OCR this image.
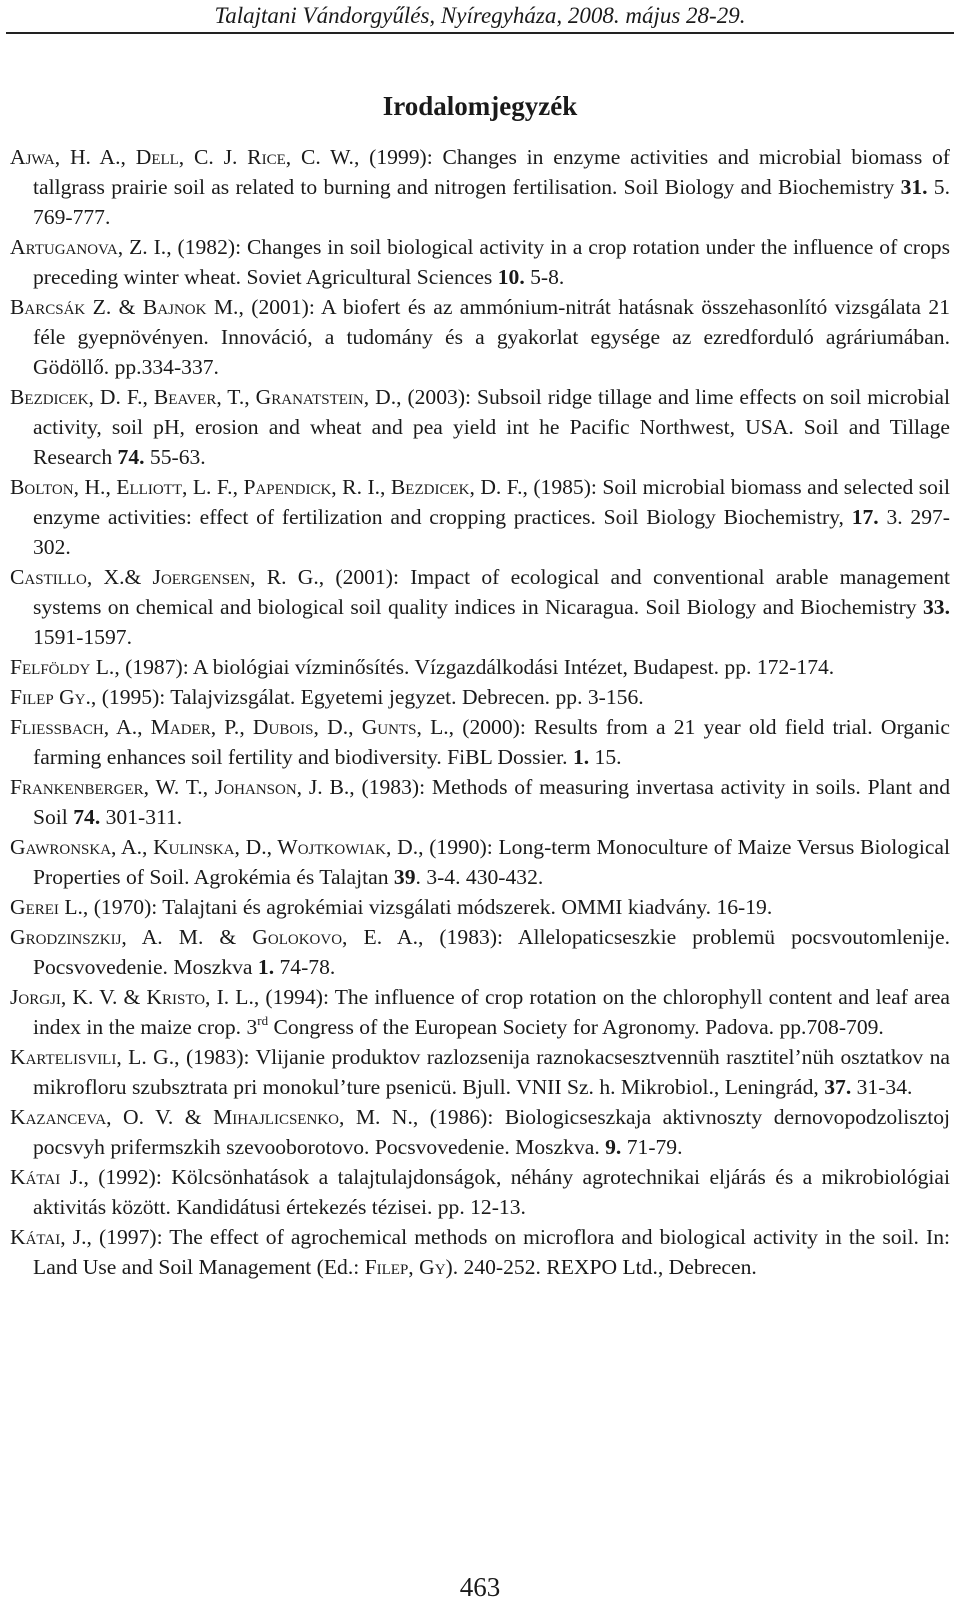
Talajtani Vándorgyűlés, Nyíregyháza, 2008. május 28-29.
Irodalomjegyzék
Ajwa, H. A., Dell, C. J. Rice, C. W., (1999): Changes in enzyme activities and microbial biomass of tallgrass prairie soil as related to burning and nitrogen fertilisation. Soil Biology and Biochemistry 31. 5. 769-777.
Artuganova, Z. I., (1982): Changes in soil biological activity in a crop rotation under the influence of crops preceding winter wheat. Soviet Agricultural Sciences 10. 5-8.
Barcsák Z. & Bajnok M., (2001): A biofert és az ammónium-nitrát hatásnak összehasonlító vizsgálata 21 féle gyepnövényen. Innováció, a tudomány és a gyakorlat egysége az ezredforduló agráriumában. Gödöllő. pp.334-337.
Bezdicek, D. F., Beaver, T., Granatstein, D., (2003): Subsoil ridge tillage and lime effects on soil microbial activity, soil pH, erosion and wheat and pea yield int he Pacific Northwest, USA. Soil and Tillage Research 74. 55-63.
Bolton, H., Elliott, L. F., Papendick, R. I., Bezdicek, D. F., (1985): Soil microbial biomass and selected soil enzyme activities: effect of fertilization and cropping practices. Soil Biology Biochemistry, 17. 3. 297-302.
Castillo, X.& Joergensen, R. G., (2001): Impact of ecological and conventional arable management systems on chemical and biological soil quality indices in Nicaragua. Soil Biology and Biochemistry 33. 1591-1597.
Felföldy L., (1987): A biológiai vízminősítés. Vízgazdálkodási Intézet, Budapest. pp. 172-174.
Filep Gy., (1995): Talajvizsgálat. Egyetemi jegyzet. Debrecen. pp. 3-156.
Fliessbach, A., Mader, P., Dubois, D., Gunts, L., (2000): Results from a 21 year old field trial. Organic farming enhances soil fertility and biodiversity. FiBL Dossier. 1. 15.
Frankenberger, W. T., Johanson, J. B., (1983): Methods of measuring invertasa activity in soils. Plant and Soil 74. 301-311.
Gawronska, A., Kulinska, D., Wojtkowiak, D., (1990): Long-term Monoculture of Maize Versus Biological Properties of Soil. Agrokémia és Talajtan 39. 3-4. 430-432.
Gerei L., (1970): Talajtani és agrokémiai vizsgálati módszerek. OMMI kiadvány. 16-19.
Grodzinszkij, A. M. & Golokovo, E. A., (1983): Allelopaticseszkie problemü pocsvoutomlenije. Pocsvovedenie. Moszkva 1. 74-78.
Jorgji, K. V. & Kristo, I. L., (1994): The influence of crop rotation on the chlorophyll content and leaf area index in the maize crop. 3rd Congress of the European Society for Agronomy. Padova. pp.708-709.
Kartelisvili, L. G., (1983): Vlijanie produktov razlozsenija raznokacsesztvennüh rasztitelʼnüh osztatkov na mikrofloru szubsztrata pri monokulʼture psenicü. Bjull. VNII Sz. h. Mikrobiol., Leningrád, 37. 31-34.
Kazanceva, O. V. & Mihajlicsenko, M. N., (1986): Biologicseszkaja aktivnoszty dernovopodzolisztoj pocsvyh prifermszkih szevooborotovo. Pocsvovedenie. Moszkva. 9. 71-79.
Kátai J., (1992): Kölcsönhatások a talajtulajdonságok, néhány agrotechnikai eljárás és a mikrobiológiai aktivitás között. Kandidátusi értekezés tézisei. pp. 12-13.
Kátai, J., (1997): The effect of agrochemical methods on microflora and biological activity in the soil. In: Land Use and Soil Management (Ed.: Filep, Gy). 240-252. REXPO Ltd., Debrecen.
463
